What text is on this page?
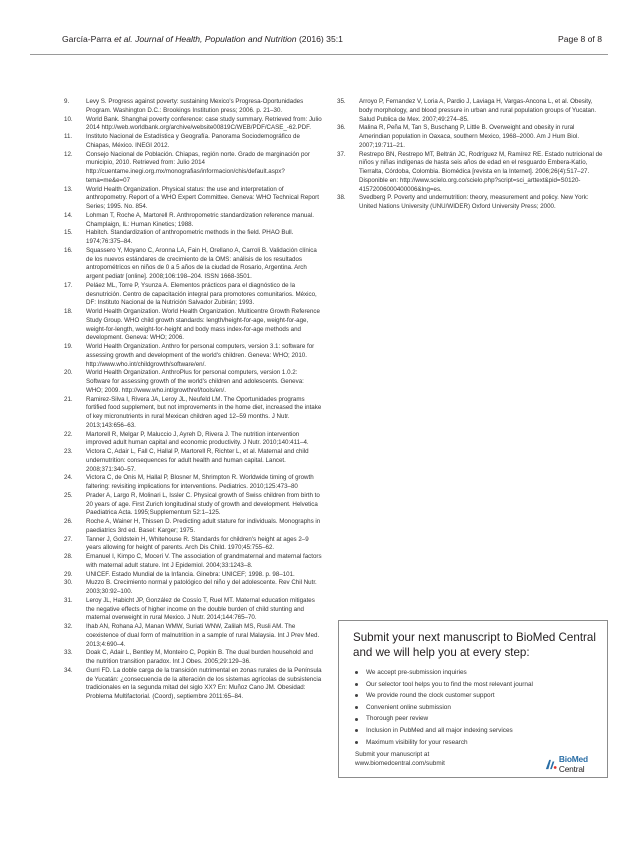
García-Parra et al. Journal of Health, Population and Nutrition (2016) 35:1	Page 8 of 8
9.	Levy S. Progress against poverty: sustaining Mexico's Progresa-Oportunidades Program. Washington D.C.: Brookings Institution press; 2006. p. 21–30.
10.	World Bank. Shanghai poverty conference: case study summary. Retrieved from: Julio 2014 http://web.worldbank.org/archive/website00819C/WEB/PDF/CASE_-62.PDF.
11.	Instituto Nacional de Estadística y Geografía. Panorama Sociodemográfico de Chiapas, México. INEGI 2012.
12.	Consejo Nacional de Población. Chiapas, región norte. Grado de marginación por municipio, 2010. Retrieved from: Julio 2014 http://cuentame.inegi.org.mx/monografias/informacion/chis/default.aspx?tema=me&e=07
13.	World Health Organization. Physical status: the use and interpretation of anthropometry. Report of a WHO Expert Committee. Geneva: WHO Technical Report Series; 1995. No. 854.
14.	Lohman T, Roche A, Martorell R. Anthropometric standardization reference manual. Champlaign, IL: Human Kinetics; 1988.
15.	Habitch. Standardization of anthropometric methods in the field. PHAO Bull. 1974;76:375–84.
16.	Squassero Y, Moyano C, Aronna LA, Fain H, Orellano A, Carroli B. Validación clínica de los nuevos estándares de crecimiento de la OMS: análisis de los resultados antropométricos en niños de 0 a 5 años de la ciudad de Rosario, Argentina. Arch argent pediatr [online]. 2008;106:198–204. ISSN 1668-3501.
17.	Peláez ML, Torre P, Ysunza A. Elementos prácticos para el diagnóstico de la desnutrición. Centro de capacitación integral para promotores comunitarios. México, DF: Instituto Nacional de la Nutrición Salvador Zubirán; 1993.
18.	World Health Organization. World Health Organization. Multicentre Growth Reference Study Group. WHO child growth standards: length/height-for-age, weight-for-age, weight-for-length, weight-for-height and body mass index-for-age methods and development. Geneva: WHO; 2006.
19.	World Health Organization. Anthro for personal computers, version 3.1: software for assessing growth and development of the world's children. Geneva: WHO; 2010. http://www.who.int/childgrowth/software/en/.
20.	World Health Organization. AnthroPlus for personal computers, version 1.0.2: Software for assessing growth of the world's children and adolescents. Geneva: WHO; 2009. http://www.who.int/growthref/tools/en/.
21.	Ramirez-Silva I, Rivera JA, Leroy JL, Neufeld LM. The Oportunidades programs fortified food supplement, but not improvements in the home diet, increased the intake of key micronutrients in rural Mexican children aged 12–59 months. J Nutr. 2013;143:656–63.
22.	Martorell R, Melgar P, Maluccio J, Ayreh D, Rivera J. The nutrition intervention improved adult human capital and economic productivity. J Nutr. 2010;140:411–4.
23.	Victora C, Adair L, Fall C, Hallal P, Martorell R, Richter L, et al. Maternal and child undernutrition: consequences for adult health and human capital. Lancet. 2008;371:340–57.
24.	Victora C, de Onis M, Hallal P, Blosner M, Shrimpton R. Worldwide timing of growth faltering: revisiting implications for interventions. Pediatrics. 2010;125:473–80
25.	Prader A, Largo R, Molinari L, Issler C. Physical growth of Swiss children from birth to 20 years of age. First Zurich longitudinal study of growth and development. Helvetica Paediatrica Acta. 1995;Supplementum 52:1–125.
26.	Roche A, Wainer H, Thissen D. Predicting adult stature for individuals. Monographs in paediatrics 3rd ed. Basel: Karger; 1975.
27.	Tanner J, Goldstein H, Whitehouse R. Standards for children's height at ages 2–9 years allowing for height of parents. Arch Dis Child. 1970;45:755–62.
28.	Emanuel I, Kimpo C, Moceri V. The association of grandmaternal and maternal factors with maternal adult stature. Int J Epidemiol. 2004;33:1243–8.
29.	UNICEF. Estado Mundial de la Infancia. Ginebra: UNICEF; 1998. p. 98–101.
30.	Muzzo B. Crecimiento normal y patológico del niño y del adolescente. Rev Chil Nutr. 2003;30:92–100.
31.	Leroy JL, Habicht JP, González de Cossío T, Ruel MT. Maternal education mitigates the negative effects of higher income on the double burden of child stunting and maternal overweight in rural Mexico. J Nutr. 2014;144:765–70.
32.	Ihab AN, Rohana AJ, Manan WMW, Suriati WNW, Zalilah MS, Rusli AM. The coexistence of dual form of malnutrition in a sample of rural Malaysia. Int J Prev Med. 2013;4:690–4.
33.	Doak C, Adair L, Bentley M, Monteiro C, Popkin B. The dual burden household and the nutrition transition paradox. Int J Obes. 2005;29:129–36.
34.	Gurri FD. La doble carga de la transición nutrimental en zonas rurales de la Península de Yucatán: ¿consecuencia de la alteración de los sistemas agrícolas de subsistencia tradicionales en la segunda mitad del siglo XX? En: Muñoz Cano JM. Obesidad: Problema Multifactorial. (Coord), septiembre 2011:65–84.
35.	Arroyo P, Fernandez V, Loria A, Pardio J, Laviaga H, Vargas-Ancona L, et al. Obesity, body morphology, and blood pressure in urban and rural population groups of Yucatan. Salud Publica de Mex. 2007;49:274–85.
36.	Malina R, Peña M, Tan S, Buschang P, Little B. Overweight and obesity in rural Amerindian population in Oaxaca, southern Mexico, 1968–2000. Am J Hum Biol. 2007;19:711–21.
37.	Restrepo BN, Restrepo MT, Beltrán JC, Rodríguez M, Ramírez RE. Estado nutricional de niños y niñas indígenas de hasta seis años de edad en el resguardo Embera-Katío, Tierralta, Córdoba, Colombia. Biomédica [revista en la Internet]. 2006;26(4):517–27. Disponible en: http://www.scielo.org.co/scielo.php?script=sci_arttext&pid=S0120-41572006000400006&lng=es.
38.	Svedberg P. Poverty and undernutrition: theory, measurement and policy. New York: United Nations University (UNU/WIDER) Oxford University Press; 2000.
Submit your next manuscript to BioMed Central and we will help you at every step:
We accept pre-submission inquiries
Our selector tool helps you to find the most relevant journal
We provide round the clock customer support
Convenient online submission
Thorough peer review
Inclusion in PubMed and all major indexing services
Maximum visibility for your research
Submit your manuscript at
www.biomedcentral.com/submit	BioMed Central
